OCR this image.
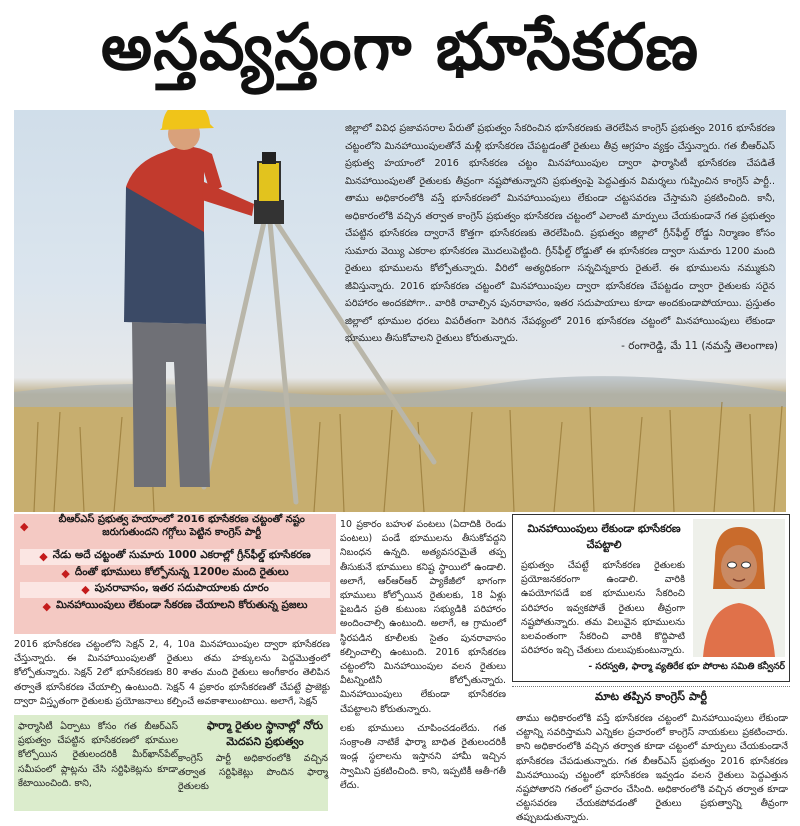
అస్తవ్యస్తంగా భూసేకరణ
జిల్లాలో వివిధ ప్రజావసరాల పేరుతో ప్రభుత్వం సేకరించిన భూసేకరణకు తెరలేపిన కాంగ్రెస్ ప్రభుత్వం 2016 భూసేకరణ చట్టంలోని మినహాయింపులతోనే మళ్లీ భూసేకరణ చేపట్టడంతో రైతులు తీవ్ర ఆగ్రహం వ్యక్తం చేస్తున్నారు. గత బీఆర్ఎస్ ప్రభుత్వ హయాంలో 2016 భూసేకరణ చట్టం మినహాయింపుల ద్వారా ఫార్మాసిటీ భూసేకరణ చేపడితే మినహాయింపులతో రైతులకు తీవ్రంగా నష్టపోతున్నారని ప్రభుత్వంపై పెద్దఎత్తున విమర్శలు గుప్పించిన కాంగ్రెస్ పార్టీ.. తాము అధికారంలోకి వస్తే భూసేకరణలో మినహాయింపులు లేకుండా చట్టసవరణ చేస్తామని ప్రకటించింది. కానీ, అధికారంలోకి వచ్చిన తర్వాత కాంగ్రెస్ ప్రభుత్వం భూసేకరణ చట్టంలో ఎలాంటి మార్పులు చేయకుండానే గత ప్రభుత్వం చేపట్టిన భూసేకరణ ద్వారానే కొత్తగా భూసేకరణకు తెరలేపింది. ప్రభుత్వం జిల్లాలో గ్రీన్‌ఫీల్డ్ రోడ్డు నిర్మాణం కోసం సుమారు వెయ్యి ఎకరాల భూసేకరణ మొదలుపెట్టింది. గ్రీన్‌ఫీల్డ్ రోడ్డుతో ఈ భూసేకరణ ద్వారా సుమారు 1200 మంది రైతులు భూములను కోల్పోతున్నారు. వీరిలో అత్యధికంగా సన్నచిన్నకారు రైతులే. ఈ భూములను నమ్ముకుని జీవిస్తున్నారు. 2016 భూసేకరణ చట్టంలో మినహాయింపుల ద్వారా భూసేకరణ చేపట్టడం ద్వారా రైతులకు సరైన పరిహారం అందకపోగా.. వారికి రావాల్సిన పునరావాసం, ఇతర సదుపాయాలు కూడా అందకుండాపోయాయి. ప్రస్తుతం జిల్లాలో భూముల ధరలు విపరీతంగా పెరిగిన నేపథ్యంలో 2016 భూసేకరణ చట్టంలో మినహాయింపులు లేకుండా భూములు తీసుకోవాలని రైతులు కోరుతున్నారు.
- రంగారెడ్డి, మే 11 (నమస్తే తెలంగాణ)
◆	బీఆర్ఎస్ ప్రభుత్వ హయాంలో 2016 భూసేకరణ చట్టంతో నష్టం జరుగుతుందని గగ్గోలు పెట్టిన కాంగ్రెస్ పార్టీ
◆ నేడు అదే చట్టంతో సుమారు 1000 ఎకరాల్లో గ్రీన్‌ఫీల్డ్ భూసేకరణ
◆ దీంతో భూములు కోల్పోనున్న 1200ల మంది రైతులు
◆ పునరావాసం, ఇతర సదుపాయాలకు దూరం
◆ మినహాయింపులు లేకుండా సేకరణ చేయాలని కోరుతున్న ప్రజలు
2016 భూసేకరణ చట్టంలోని సెక్షన్ 2, 4, 10a మినహాయింపుల ద్వారా భూసేకరణ చేస్తున్నారు. ఈ మినహాయింపులతో రైతులు తమ హక్కులను పెద్దమొత్తంలో కోల్పోతున్నారు. సెక్షన్ 2లో భూసేకరణకు 80 శాతం మంది రైతులు అంగీకారం తెలిపిన తర్వాతే భూసేకరణ చేయాల్సి ఉంటుంది. సెక్షన్ 4 ప్రకారం భూసేకరణతో చేపట్టే ప్రాజెక్టు ద్వారా విస్తృతంగా రైతులకు ప్రయోజనాలు కల్పించే అవకాశాలుంటాయి. అలాగే, సెక్షన్
10 ప్రకారం బహుళ పంటలు (ఏదాదికి రెండు పంటలు) పండే భూములను తీసుకోవద్దని నిబంధన ఉన్నది. అత్యవసరమైతే తప్ప తీసుకునే భూములు కనిష్ట స్థాయిలో ఉండాలి. అలాగే, ఆర్ఆర్‌ఆర్ ప్యాకేజీలో భాగంగా భూములు కోల్పోయిన రైతులకు, 18 ఏళ్లు పైబడిన ప్రతి కుటుంబ సభ్యుడికి పరిహారం అందించాల్సి ఉంటుంది. అలాగే, ఆ గ్రామంలో స్థిరపడిన కూలీలకు సైతం పునరావాసం కల్పించాల్సి ఉంటుంది. 2016 భూసేకరణ చట్టంలోని మినహాయింపుల వలన రైతులు వీటన్నింటినీ కోల్పోతున్నారు. మినహాయింపులు లేకుండా భూసేకరణ చేపట్టాలని కోరుతున్నారు.
ఫార్మాసిటీ ఏర్పాటు కోసం గత బీఆర్ఎస్ ప్రభుత్వం చేపట్టిన భూసేకరణలో భూముల కోల్పోయిన రైతులందరికీ మీర్‌ఖాన్‌పేట్ సమీపంలో ప్లాట్లను చేసి సర్టిఫికెట్లను కూడా కేటాయించింది. కాని,
ఫార్మా రైతుల స్థానాల్లో నోరు మెదపని ప్రభుత్వం
కాంగ్రెస్ పార్టీ అధికారంలోకి వచ్చిన తర్వాత సర్టిఫికెట్లు పొందిన ఫార్మా రైతులకు
లకు భూములు చూపించడంలేదు. గత సంక్రాంతి నాటికే ఫార్మా బాధిత రైతులందరికీ ఇండ్ల స్థలాలను ఇస్తానని హామీ ఇచ్చిన స్వామిని ప్రకటించింది. కాని, ఇప్పటికీ ఆతీ-గతీ లేదు.
మినహాయింపులు లేకుండా భూసేకరణ చేపట్టాలి
ప్రభుత్వం చేపట్టే భూసేకరణ రైతులకు ప్రయోజనకరంగా ఉండాలి. వారికి ఉపయోగపడే ఐక భూములను సేకరించి పరిహారం ఇవ్వకపోతే రైతులు తీవ్రంగా నష్టపోతున్నారు. తమ విలువైన భూములను బలవంతంగా సేకరించి వారికి కొద్దిపాటి పరిహారం ఇచ్చి చేతులు దులుపుకుంటున్నారు.
- సరస్వతి, ఫార్మా వ్యతిరేక భూ పోరాట సమితి కన్వీనర్
మాట తప్పిన కాంగ్రెస్ పార్టీ
తాము అధికారంలోకి వస్తే భూసేకరణ చట్టంలో మినహాయింపులు లేకుండా చట్టాన్ని సవరిస్తామని ఎన్నికల ప్రచారంలో కాంగ్రెస్ నాయకులు ప్రకటించారు. కాని అధికారంలోకి వచ్చిన తర్వాత కూడా చట్టంలో మార్పులు చేయకుండానే భూసేకరణ చేపడుతున్నారు. గత బీఆర్ఎస్ ప్రభుత్వం 2016 భూసేకరణ మినహాయింపు చట్టంలో భూసేకరణ ఇవ్వడం వలన రైతులు పెద్దఎత్తున నష్టపోతారని గతంలో ప్రచారం చేసింది. అధికారంలోకి వచ్చిన తర్వాత కూడా చట్టసవరణ చేయకపోవడంతో రైతులు ప్రభుత్వాన్ని తీవ్రంగా తప్పుబడుతున్నారు.
